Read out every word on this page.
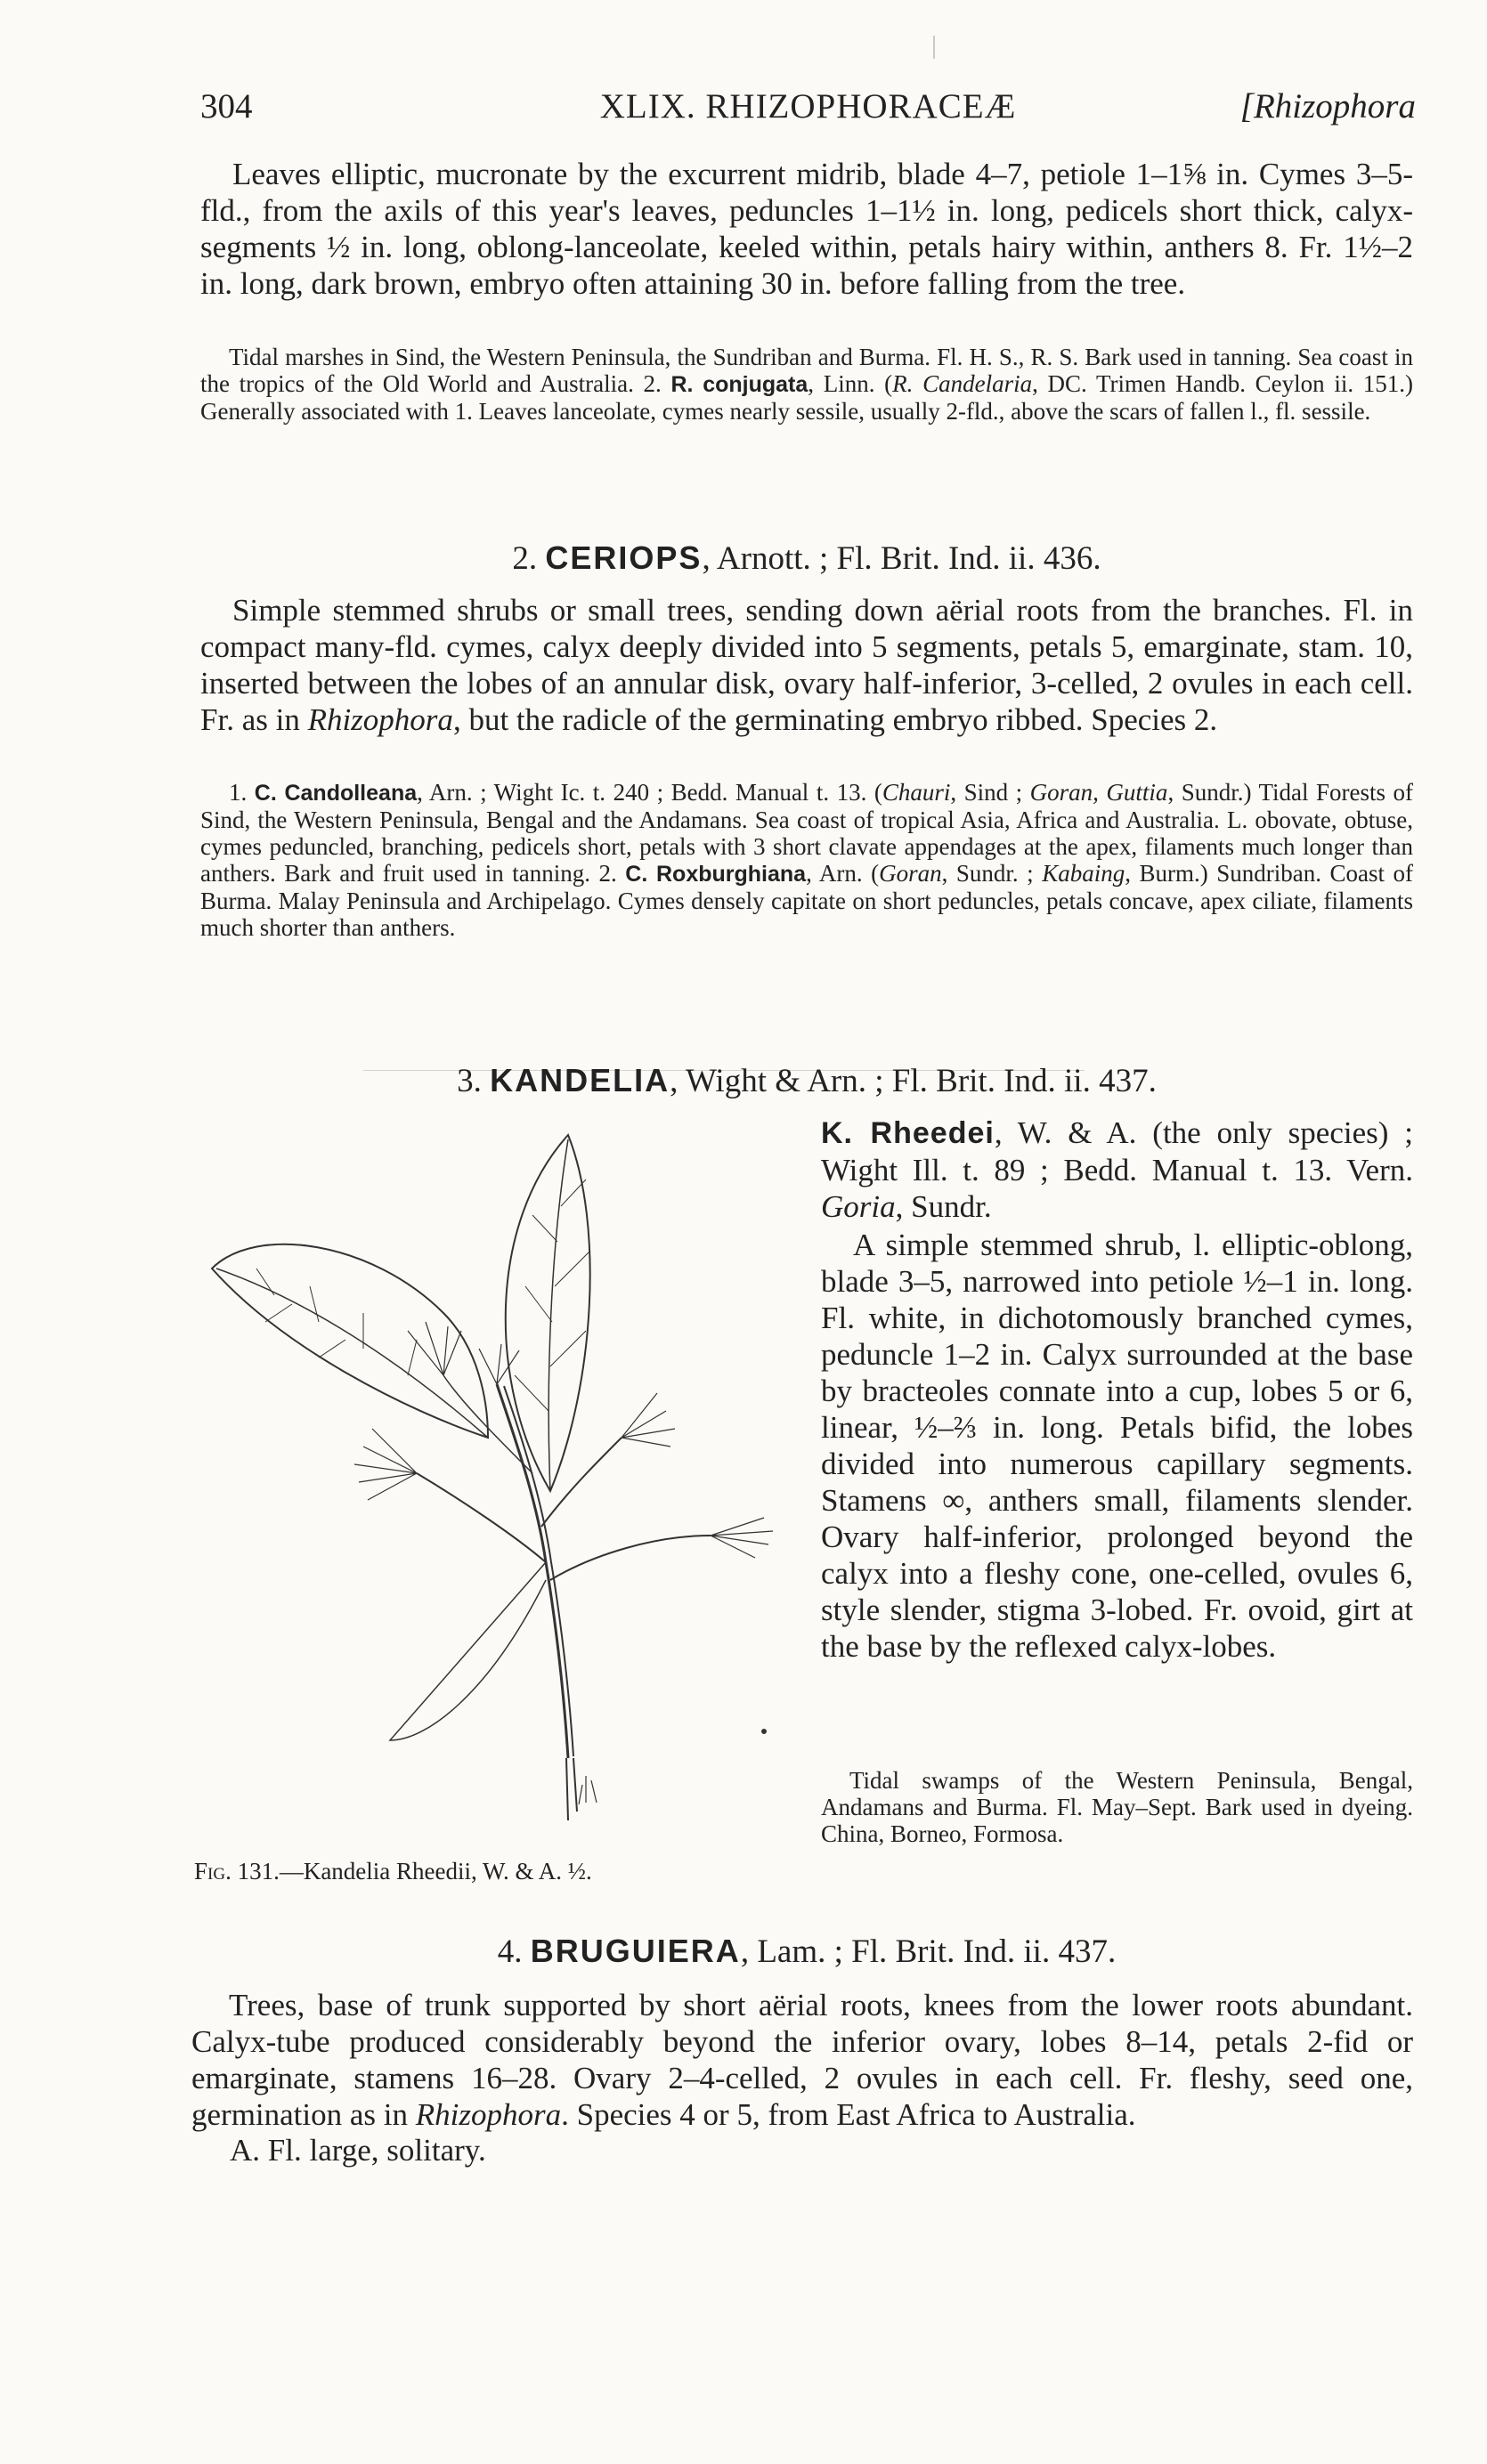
304	XLIX. RHIZOPHORACEÆ	[Rhizophora
Leaves elliptic, mucronate by the excurrent midrib, blade 4–7, petiole 1–1⅝ in. Cymes 3–5-fld., from the axils of this year's leaves, peduncles 1–1½ in. long, pedicels short thick, calyx-segments ½ in. long, oblong-lanceolate, keeled within, petals hairy within, anthers 8. Fr. 1½–2 in. long, dark brown, embryo often attaining 30 in. before falling from the tree.
Tidal marshes in Sind, the Western Peninsula, the Sundriban and Burma. Fl. H. S., R. S. Bark used in tanning. Sea coast in the tropics of the Old World and Australia. 2. R. conjugata, Linn. (R. Candelaria, DC. Trimen Handb. Ceylon ii. 151.) Generally associated with 1. Leaves lanceolate, cymes nearly sessile, usually 2-fld., above the scars of fallen l., fl. sessile.
2. CERIOPS, Arnott. ; Fl. Brit. Ind. ii. 436.
Simple stemmed shrubs or small trees, sending down aërial roots from the branches. Fl. in compact many-fld. cymes, calyx deeply divided into 5 segments, petals 5, emarginate, stam. 10, inserted between the lobes of an annular disk, ovary half-inferior, 3-celled, 2 ovules in each cell. Fr. as in Rhizophora, but the radicle of the germinating embryo ribbed. Species 2.
1. C. Candolleana, Arn. ; Wight Ic. t. 240 ; Bedd. Manual t. 13. (Chauri, Sind ; Goran, Guttia, Sundr.) Tidal Forests of Sind, the Western Peninsula, Bengal and the Andamans. Sea coast of tropical Asia, Africa and Australia. L. obovate, obtuse, cymes peduncled, branching, pedicels short, petals with 3 short clavate appendages at the apex, filaments much longer than anthers. Bark and fruit used in tanning. 2. C. Roxburghiana, Arn. (Goran, Sundr. ; Kabaing, Burm.) Sundriban. Coast of Burma. Malay Peninsula and Archipelago. Cymes densely capitate on short peduncles, petals concave, apex ciliate, filaments much shorter than anthers.
3. KANDELIA, Wight & Arn. ; Fl. Brit. Ind. ii. 437.
K. Rheedei, W. & A. (the only species) ; Wight Ill. t. 89 ; Bedd. Manual t. 13. Vern. Goria, Sundr.
A simple stemmed shrub, l. elliptic-oblong, blade 3–5, narrowed into petiole ½–1 in. long. Fl. white, in dichotomously branched cymes, peduncle 1–2 in. Calyx surrounded at the base by bracteoles connate into a cup, lobes 5 or 6, linear, ½–⅔ in. long. Petals bifid, the lobes divided into numerous capillary segments. Stamens ∞, anthers small, filaments slender. Ovary half-inferior, prolonged beyond the calyx into a fleshy cone, one-celled, ovules 6, style slender, stigma 3-lobed. Fr. ovoid, girt at the base by the reflexed calyx-lobes.
Tidal swamps of the Western Peninsula, Bengal, Andamans and Burma. Fl. May–Sept. Bark used in dyeing. China, Borneo, Formosa.
Fig. 131.—Kandelia Rheedii, W. & A. ½.
4. BRUGUIERA, Lam. ; Fl. Brit. Ind. ii. 437.
Trees, base of trunk supported by short aërial roots, knees from the lower roots abundant. Calyx-tube produced considerably beyond the inferior ovary, lobes 8–14, petals 2-fid or emarginate, stamens 16–28. Ovary 2–4-celled, 2 ovules in each cell. Fr. fleshy, seed one, germination as in Rhizophora. Species 4 or 5, from East Africa to Australia.
A. Fl. large, solitary.
